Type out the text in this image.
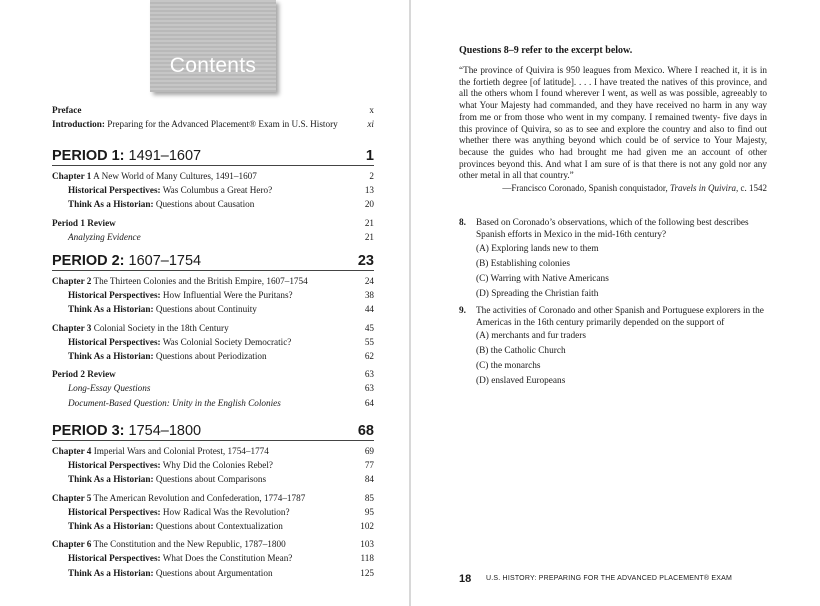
Contents
Preface	x
Introduction: Preparing for the Advanced Placement® Exam in U.S. History	xi
PERIOD 1: 1491–1607	1
Chapter 1 A New World of Many Cultures, 1491–1607	2
Historical Perspectives: Was Columbus a Great Hero?	13
Think As a Historian: Questions about Causation	20
Period 1 Review	21
Analyzing Evidence	21
PERIOD 2: 1607–1754	23
Chapter 2 The Thirteen Colonies and the British Empire, 1607–1754	24
Historical Perspectives: How Influential Were the Puritans?	38
Think As a Historian: Questions about Continuity	44
Chapter 3 Colonial Society in the 18th Century	45
Historical Perspectives: Was Colonial Society Democratic?	55
Think As a Historian: Questions about Periodization	62
Period 2 Review	63
Long-Essay Questions	63
Document-Based Question: Unity in the English Colonies	64
PERIOD 3: 1754–1800	68
Chapter 4 Imperial Wars and Colonial Protest, 1754–1774	69
Historical Perspectives: Why Did the Colonies Rebel?	77
Think As a Historian: Questions about Comparisons	84
Chapter 5 The American Revolution and Confederation, 1774–1787	85
Historical Perspectives: How Radical Was the Revolution?	95
Think As a Historian: Questions about Contextualization	102
Chapter 6 The Constitution and the New Republic, 1787–1800	103
Historical Perspectives: What Does the Constitution Mean?	118
Think As a Historian: Questions about Argumentation	125
Questions 8–9 refer to the excerpt below.
“The province of Quivira is 950 leagues from Mexico. Where I reached it, it is in the fortieth degree [of latitude]. . . . I have treated the natives of this province, and all the others whom I found wherever I went, as well as was possible, agreeably to what Your Majesty had commanded, and they have received no harm in any way from me or from those who went in my company. I remained twenty- five days in this province of Quivira, so as to see and explore the country and also to find out whether there was anything beyond which could be of service to Your Majesty, because the guides who had brought me had given me an account of other provinces beyond this. And what I am sure of is that there is not any gold nor any other metal in all that country.”
—Francisco Coronado, Spanish conquistador, Travels in Quivira, c. 1542
8. Based on Coronado’s observations, which of the following best describes Spanish efforts in Mexico in the mid-16th century?
(A) Exploring lands new to them
(B) Establishing colonies
(C) Warring with Native Americans
(D) Spreading the Christian faith
9. The activities of Coronado and other Spanish and Portuguese explorers in the Americas in the 16th century primarily depended on the support of
(A) merchants and fur traders
(B) the Catholic Church
(C) the monarchs
(D) enslaved Europeans
18 U.S. HISTORY: PREPARING FOR THE ADVANCED PLACEMENT® EXAM
